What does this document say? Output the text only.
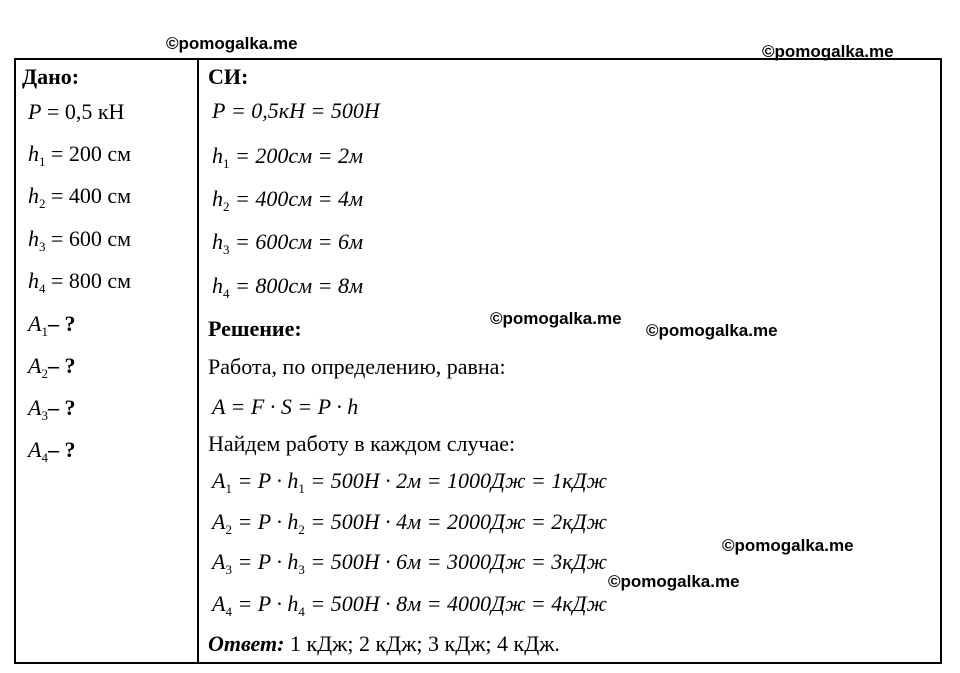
©pomogalka.me	©pomogalka.me
©pomogalka.me
©pomogalka.me
©pomogalka.me
©pomogalka.me
Дано:
P = 0,5 кН
$h_1 = 200$ см
$h_2 = 400$ см
$h_3 = 600$ см
$h_4 = 800$ см
$A_1-$ ?
$A_2-$ ?
$A_3-$ ?
$A_4-$ ?
СИ:
P = 0,5кН = 500Н
$h_1 = 200см = 2м$
$h_2 = 400см = 4м$
$h_3 = 600см = 6м$
$h_4 = 800см = 8м$
Решение:
Работа, по определению, равна:
A = F · S = P · h
Найдем работу в каждом случае:
$A_1 = P \cdot h_1 = 500Н \cdot 2м = 1000Дж = 1кДж$
$A_2 = P \cdot h_2 = 500Н \cdot 4м = 2000Дж = 2кДж$
$A_3 = P \cdot h_3 = 500Н \cdot 6м = 3000Дж = 3кДж$
$A_4 = P \cdot h_4 = 500Н \cdot 8м = 4000Дж = 4кДж$
Ответ: 1 кДж; 2 кДж; 3 кДж; 4 кДж.
